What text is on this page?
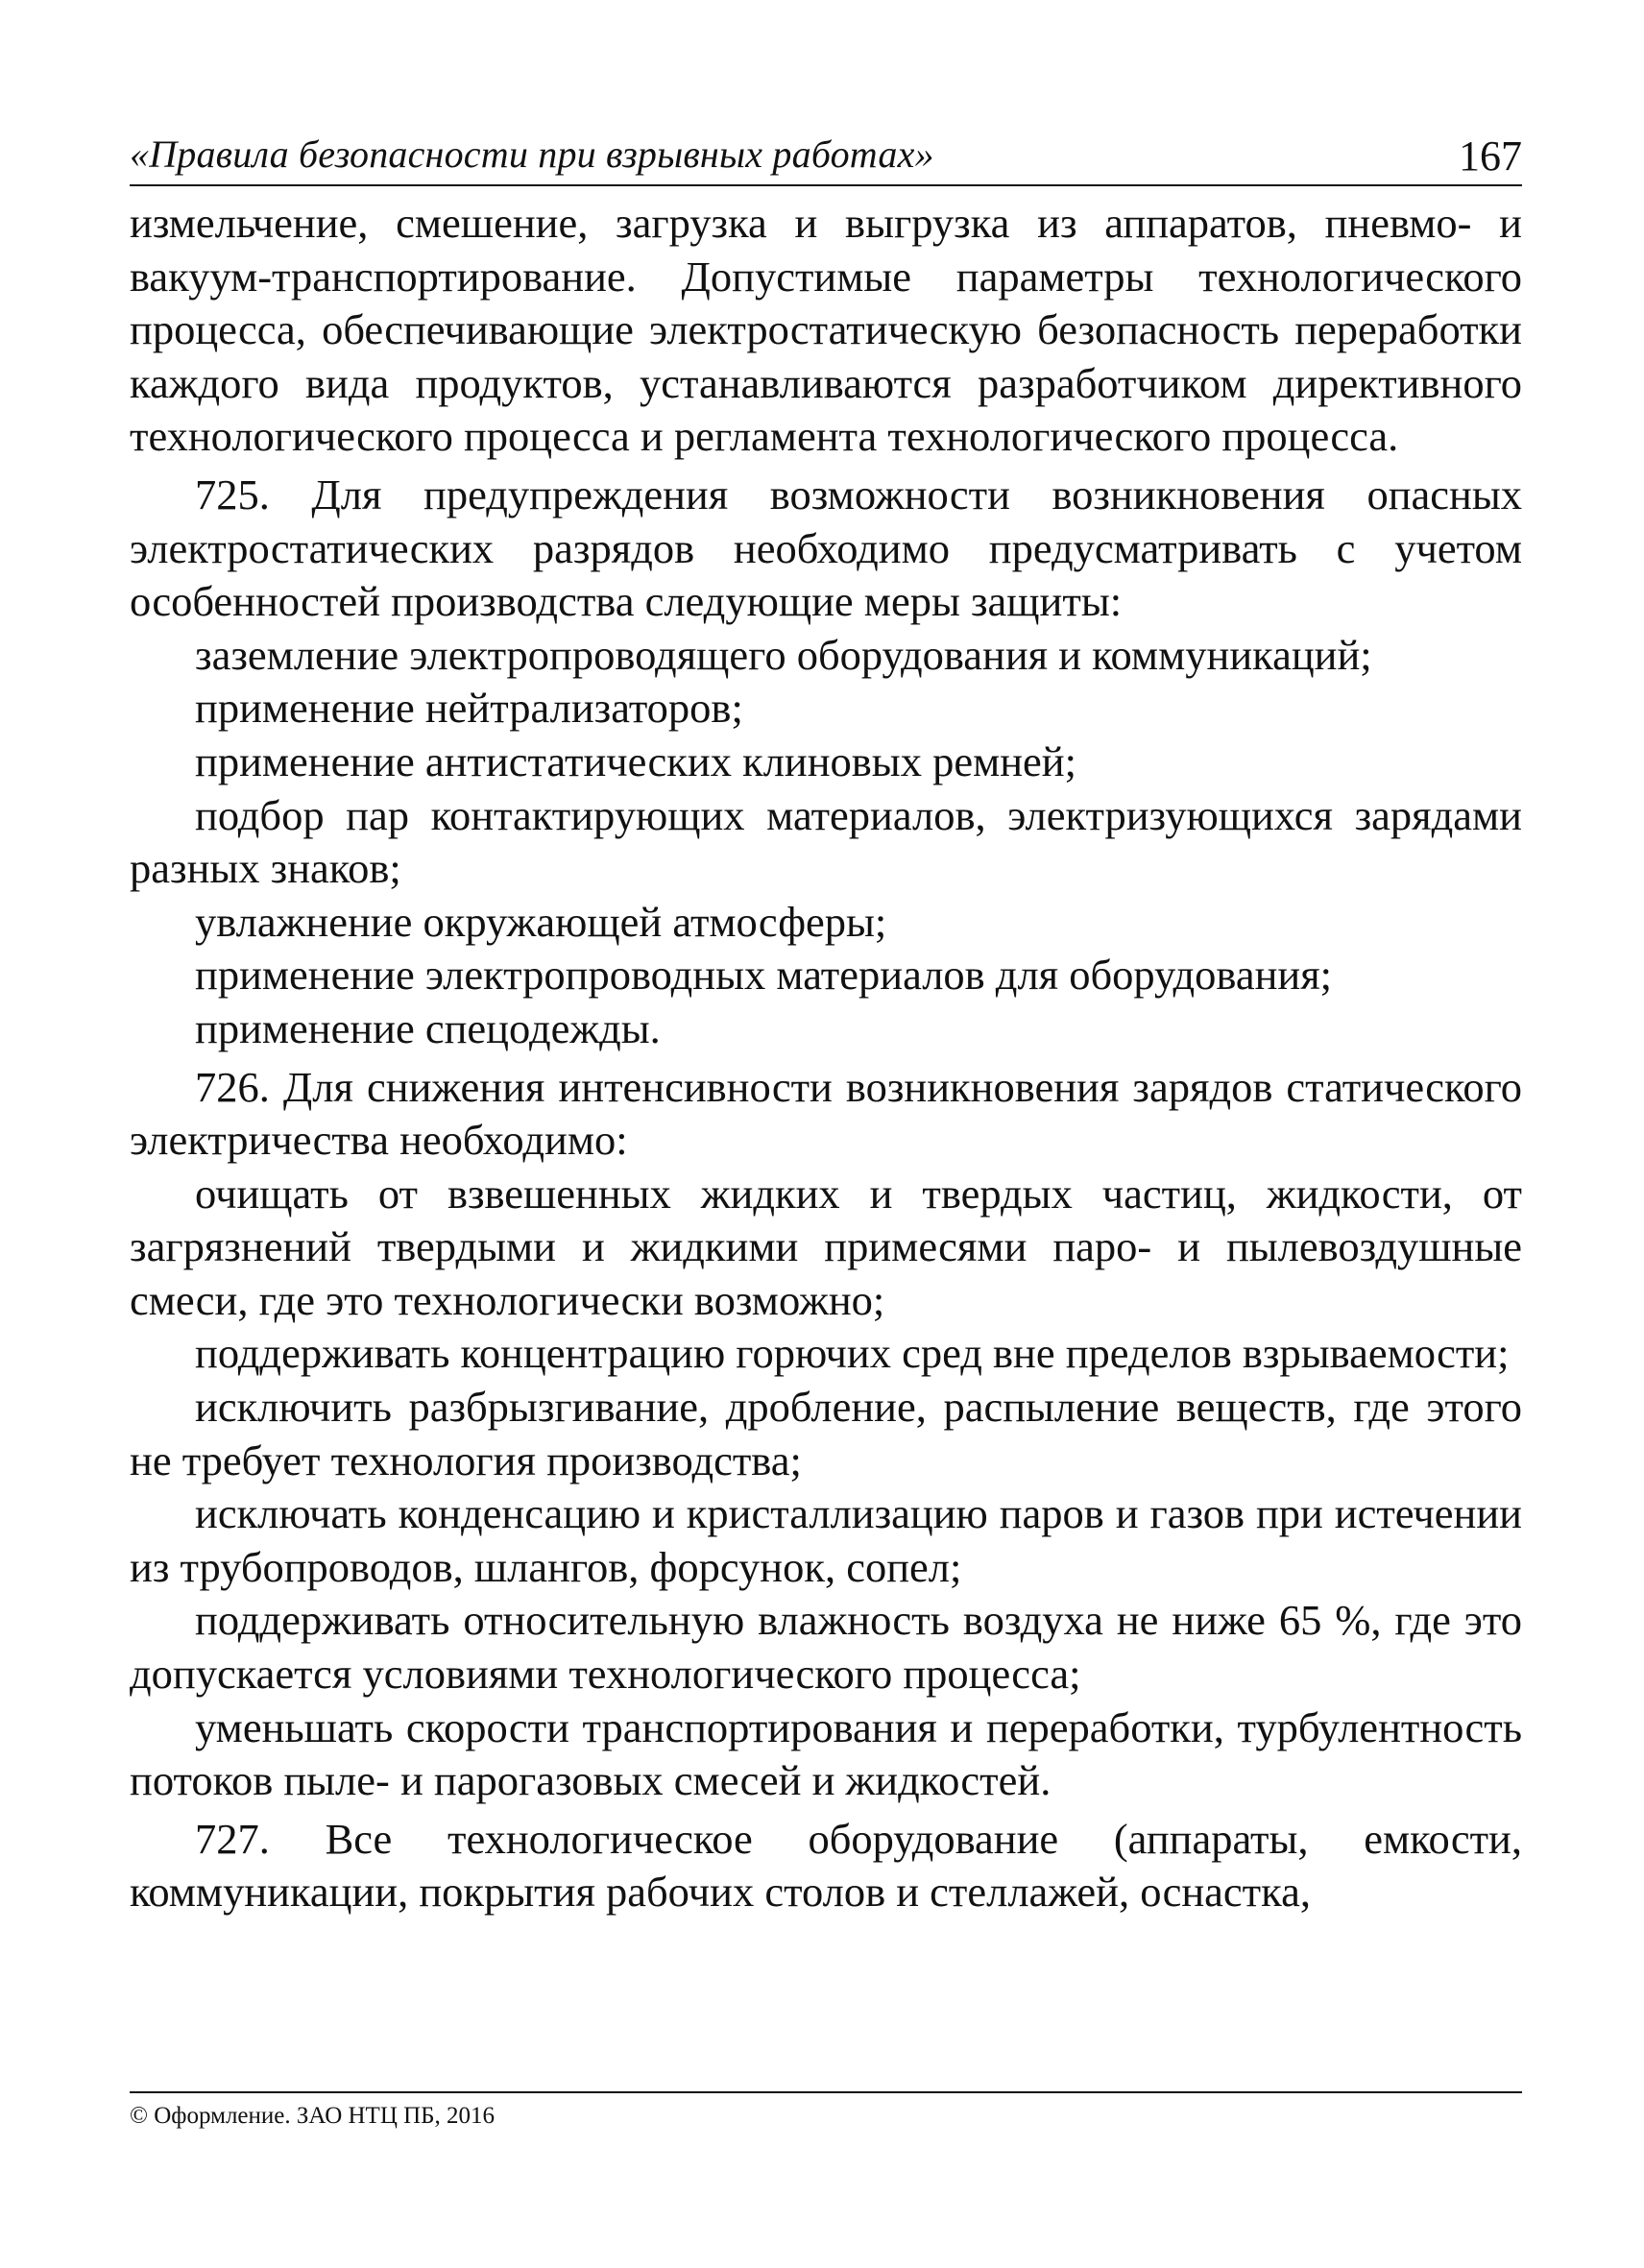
«Правила безопасности при взрывных работах»	167

измельчение, смешение, загрузка и выгрузка из аппаратов, пневмо- и вакуум-транспортирование. Допустимые параметры технологического процесса, обеспечивающие электростатическую безопасность переработки каждого вида продуктов, устанавливаются разработчиком директивного технологического процесса и регламента технологического процесса.

725. Для предупреждения возможности возникновения опасных электростатических разрядов необходимо предусматривать с учетом особенностей производства следующие меры защиты:

заземление электропроводящего оборудования и коммуникаций;

применение нейтрализаторов;

применение антистатических клиновых ремней;

подбор пар контактирующих материалов, электризующихся зарядами разных знаков;

увлажнение окружающей атмосферы;

применение электропроводных материалов для оборудования;

применение спецодежды.

726. Для снижения интенсивности возникновения зарядов статического электричества необходимо:

очищать от взвешенных жидких и твердых частиц, жидкости, от загрязнений твердыми и жидкими примесями паро- и пылевоздушные смеси, где это технологически возможно;

поддерживать концентрацию горючих сред вне пределов взрываемости;

исключить разбрызгивание, дробление, распыление веществ, где этого не требует технология производства;

исключать конденсацию и кристаллизацию паров и газов при истечении из трубопроводов, шлангов, форсунок, сопел;

поддерживать относительную влажность воздуха не ниже 65 %, где это допускается условиями технологического процесса;

уменьшать скорости транспортирования и переработки, турбулентность потоков пыле- и парогазовых смесей и жидкостей.

727. Все технологическое оборудование (аппараты, емкости, коммуникации, покрытия рабочих столов и стеллажей, оснастка,

© Оформление. ЗАО НТЦ ПБ, 2016
